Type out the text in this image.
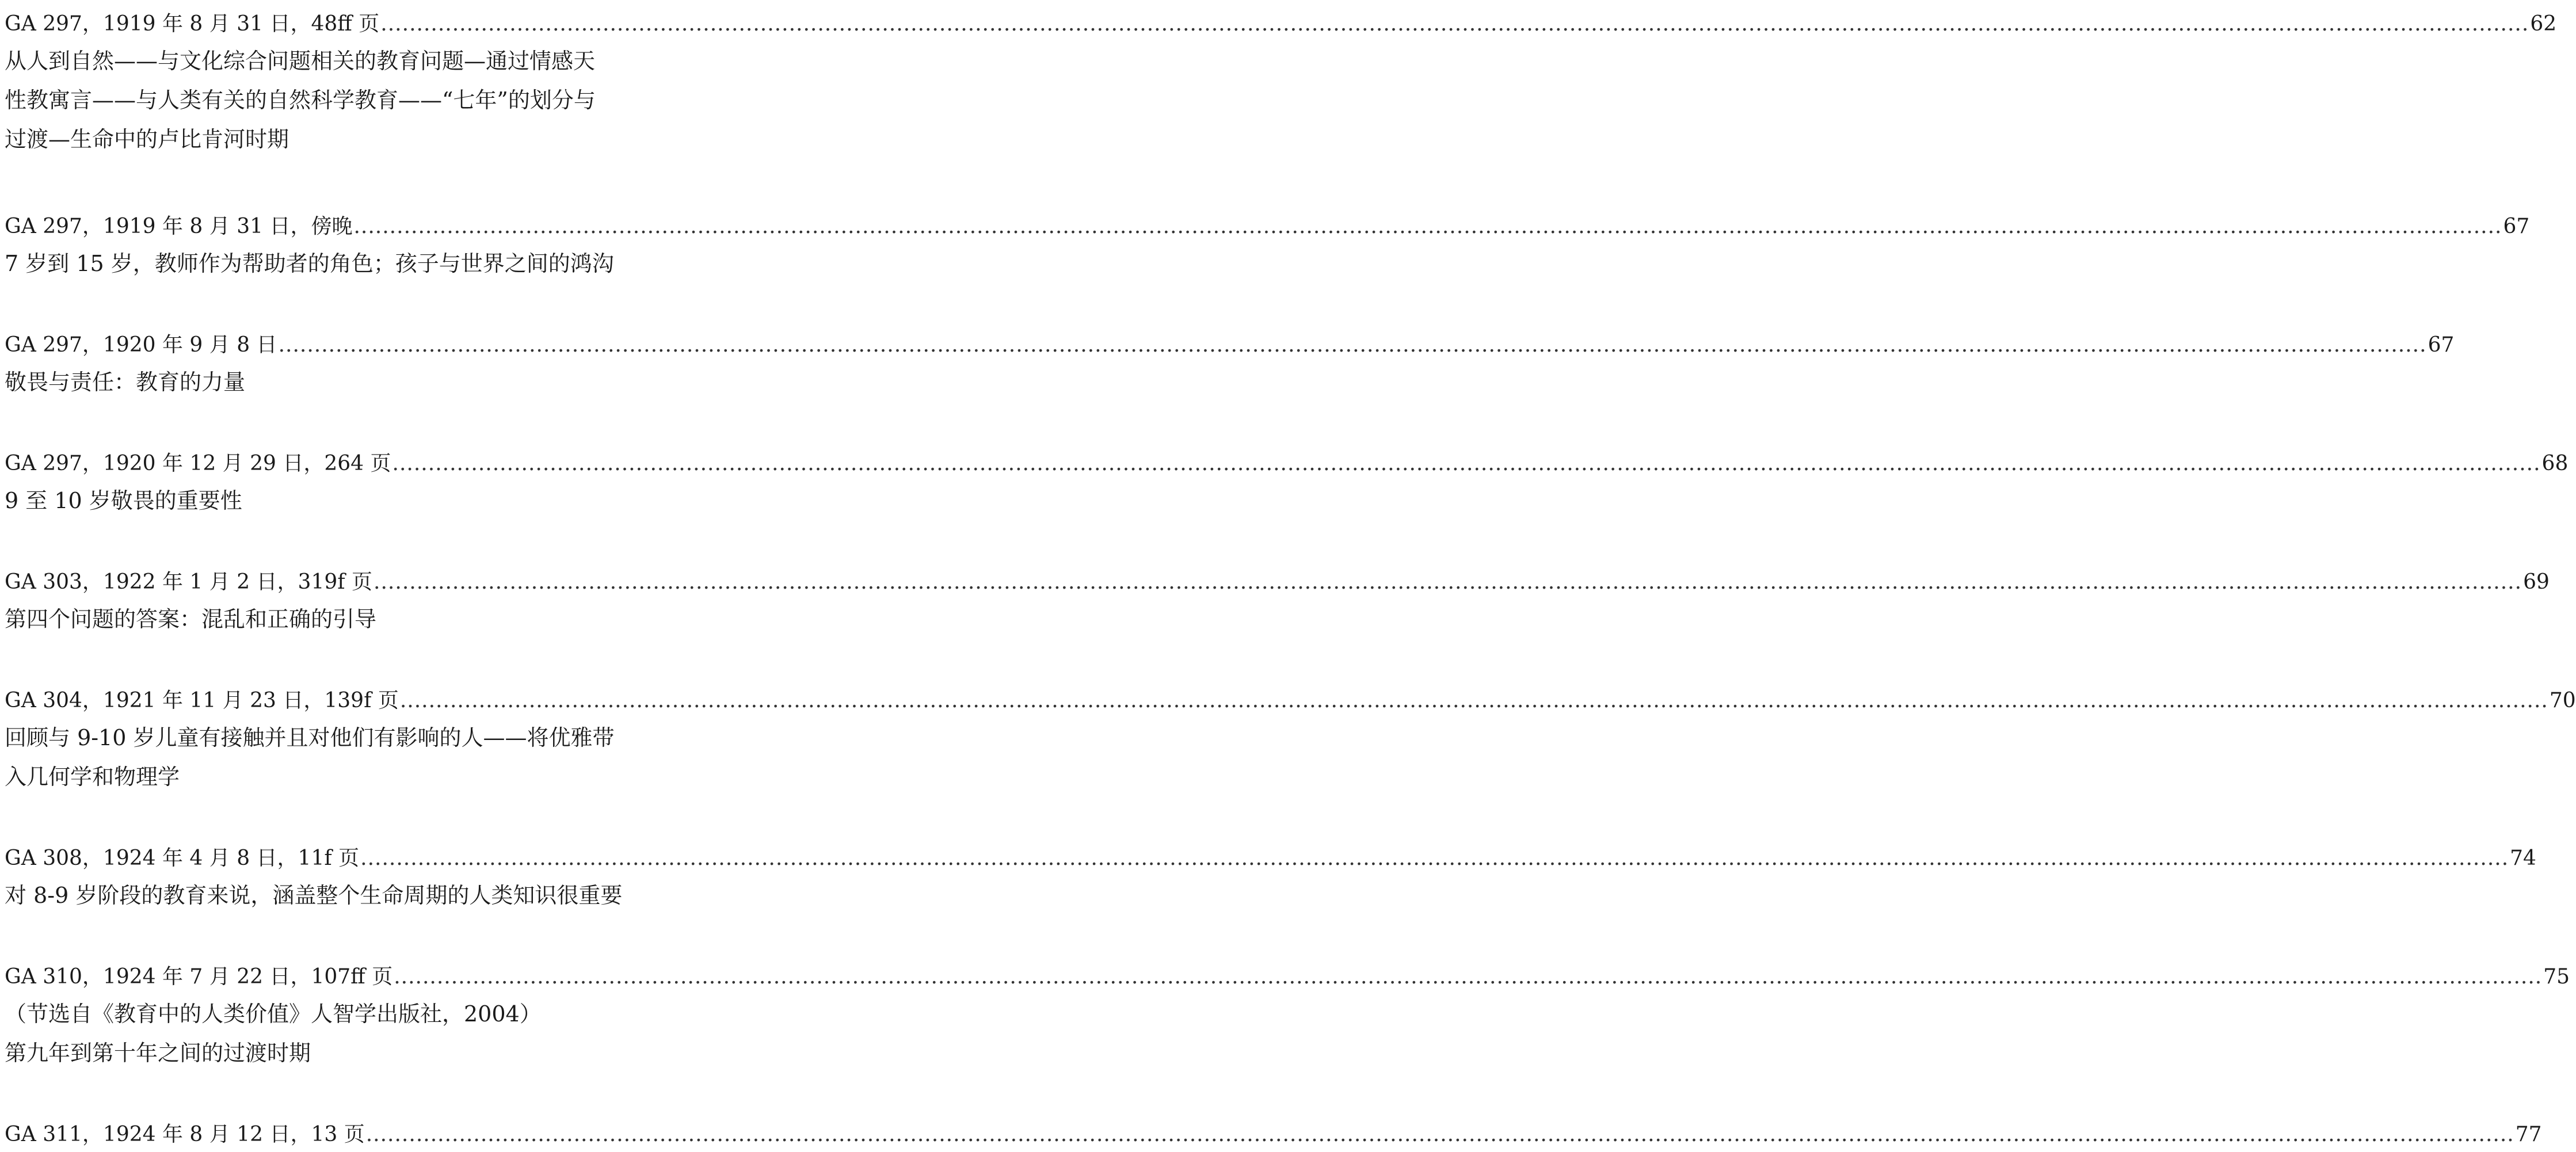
GA 297，1919 年 8 月 31 日，48ff 页 ............................................................................................................................................................................................................................................................................................................ 62

从人到自然——与文化综合问题相关的教育问题—通过情感天

性教寓言——与人类有关的自然科学教育——“七年”的划分与

过渡—生命中的卢比肯河时期

GA 297，1919 年 8 月 31 日，傍晚 ............................................................................................................................................................................................................................................................................................................ 67

7 岁到 15 岁，教师作为帮助者的角色；孩子与世界之间的鸿沟

GA 297，1920 年 9 月 8 日 ............................................................................................................................................................................................................................................................................................................ 67

敬畏与责任：教育的力量

GA 297，1920 年 12 月 29 日，264 页 ............................................................................................................................................................................................................................................................................................................ 68

9 至 10 岁敬畏的重要性

GA 303，1922 年 1 月 2 日，319f 页 ............................................................................................................................................................................................................................................................................................................ 69

第四个问题的答案：混乱和正确的引导

GA 304，1921 年 11 月 23 日，139f 页 ............................................................................................................................................................................................................................................................................................................ 70

回顾与 9-10 岁儿童有接触并且对他们有影响的人——将优雅带

入几何学和物理学

GA 308，1924 年 4 月 8 日，11f 页 ............................................................................................................................................................................................................................................................................................................ 74

对 8-9 岁阶段的教育来说，涵盖整个生命周期的人类知识很重要

GA 310，1924 年 7 月 22 日，107ff 页 ............................................................................................................................................................................................................................................................................................................ 75

（节选自《教育中的人类价值》人智学出版社，2004）

第九年到第十年之间的过渡时期

GA 311，1924 年 8 月 12 日，13 页 ............................................................................................................................................................................................................................................................................................................ 77
